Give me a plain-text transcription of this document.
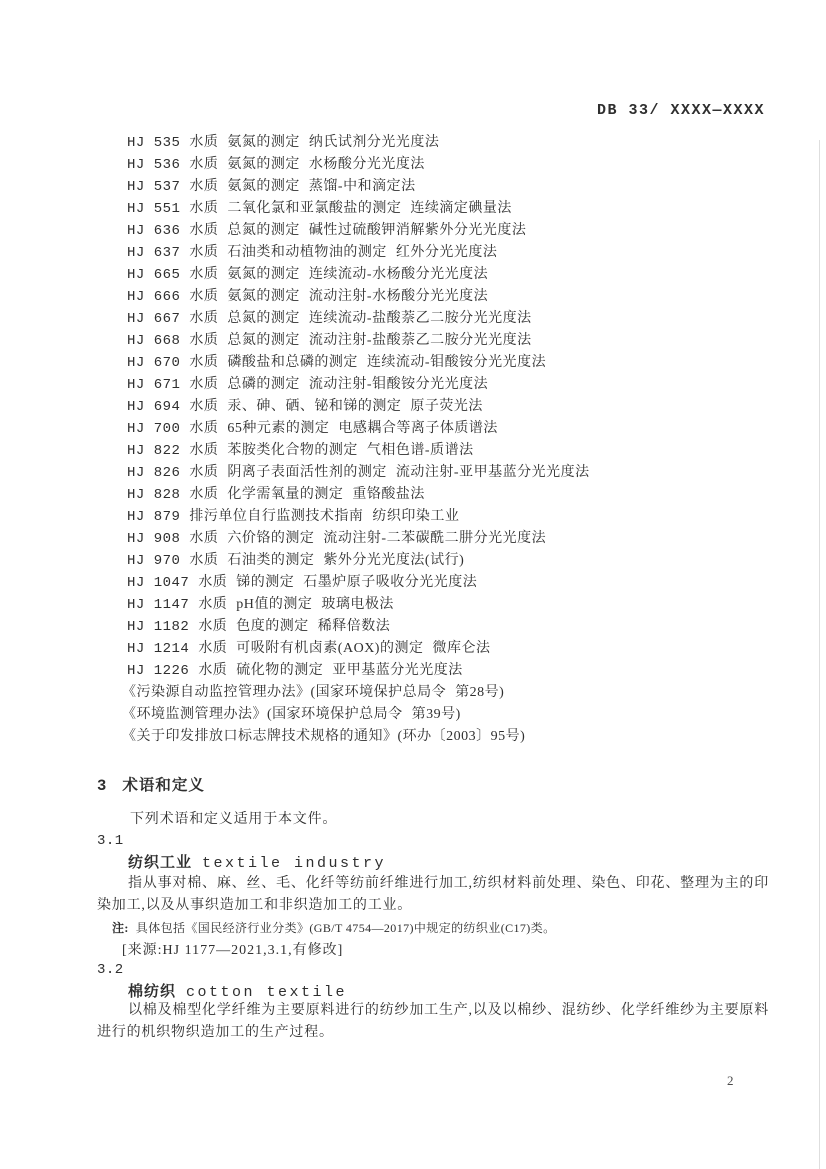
DB 33/ XXXX—XXXX
HJ 535 水质 氨氮的测定 纳氏试剂分光光度法
HJ 536 水质 氨氮的测定 水杨酸分光光度法
HJ 537 水质 氨氮的测定 蒸馏-中和滴定法
HJ 551 水质 二氧化氯和亚氯酸盐的测定 连续滴定碘量法
HJ 636 水质 总氮的测定 碱性过硫酸钾消解紫外分光光度法
HJ 637 水质 石油类和动植物油的测定 红外分光光度法
HJ 665 水质 氨氮的测定 连续流动-水杨酸分光光度法
HJ 666 水质 氨氮的测定 流动注射-水杨酸分光光度法
HJ 667 水质 总氮的测定 连续流动-盐酸萘乙二胺分光光度法
HJ 668 水质 总氮的测定 流动注射-盐酸萘乙二胺分光光度法
HJ 670 水质 磷酸盐和总磷的测定 连续流动-钼酸铵分光光度法
HJ 671 水质 总磷的测定 流动注射-钼酸铵分光光度法
HJ 694 水质 汞、砷、硒、铋和锑的测定 原子荧光法
HJ 700 水质 65种元素的测定 电感耦合等离子体质谱法
HJ 822 水质 苯胺类化合物的测定 气相色谱-质谱法
HJ 826 水质 阴离子表面活性剂的测定 流动注射-亚甲基蓝分光光度法
HJ 828 水质 化学需氧量的测定 重铬酸盐法
HJ 879 排污单位自行监测技术指南 纺织印染工业
HJ 908 水质 六价铬的测定 流动注射-二苯碳酰二肼分光光度法
HJ 970 水质 石油类的测定 紫外分光光度法(试行)
HJ 1047 水质 锑的测定 石墨炉原子吸收分光光度法
HJ 1147 水质 pH值的测定 玻璃电极法
HJ 1182 水质 色度的测定 稀释倍数法
HJ 1214 水质 可吸附有机卤素(AOX)的测定 微库仑法
HJ 1226 水质 硫化物的测定 亚甲基蓝分光光度法
《污染源自动监控管理办法》(国家环境保护总局令 第28号)
《环境监测管理办法》(国家环境保护总局令 第39号)
《关于印发排放口标志牌技术规格的通知》(环办〔2003〕95号)
3 术语和定义
下列术语和定义适用于本文件。
3.1
纺织工业 textile industry
指从事对棉、麻、丝、毛、化纤等纺前纤维进行加工,纺织材料前处理、染色、印花、整理为主的印染加工,以及从事织造加工和非织造加工的工业。
注: 具体包括《国民经济行业分类》(GB/T 4754—2017)中规定的纺织业(C17)类。
[来源:HJ 1177—2021,3.1,有修改]
3.2
棉纺织 cotton textile
以棉及棉型化学纤维为主要原料进行的纺纱加工生产,以及以棉纱、混纺纱、化学纤维纱为主要原料进行的机织物织造加工的生产过程。
2
